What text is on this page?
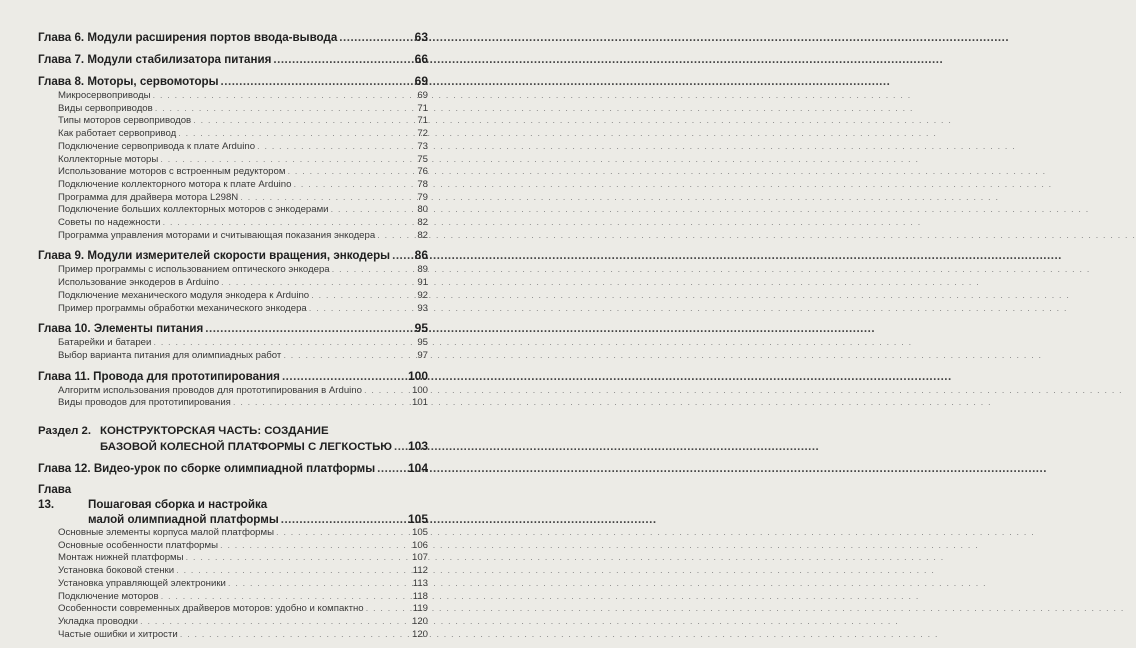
Глава 6. Модули расширения портов ввода-вывода .....	63
Глава 7. Модули стабилизатора питания .....	66
Глава 8. Моторы, сервомоторы .....	69
Микросервоприводы . . .	69
Виды сервоприводов . . .	71
Типы моторов сервоприводов . . .	71
Как работает сервопривод . . .	72
Подключение сервопривода к плате Arduino . . .	73
Коллекторные моторы . . .	75
Использование моторов с встроенным редуктором . . .	76
Подключение коллекторного мотора к плате Arduino . . .	78
Программа для драйвера мотора L298N . . .	79
Подключение больших коллекторных моторов с энкодерами . . .	80
Советы по надежности . . .	82
Программа управления моторами и считывающая показания энкодера . . .	82
Глава 9. Модули измерителей скорости вращения, энкодеры .....	86
Пример программы с использованием оптического энкодера . . .	89
Использование энкодеров в Arduino . . .	91
Подключение механического модуля энкодера к Arduino . . .	92
Пример программы обработки механического энкодера . . .	93
Глава 10. Элементы питания .....	95
Батарейки и батареи . . .	95
Выбор варианта питания для олимпиадных работ . . .	97
Глава 11. Провода для прототипирования .....	100
Алгоритм использования проводов для прототипирования в Arduino . . .	100
Виды проводов для прототипирования . . .	101
Раздел 2. КОНСТРУКТОРСКАЯ ЧАСТЬ: СОЗДАНИЕ
БАЗОВОЙ КОЛЕСНОЙ ПЛАТФОРМЫ С ЛЕГКОСТЬЮ ..... 103
Глава 12. Видео-урок по сборке олимпиадной платформы .....	104
Глава 13.	Пошаговая сборка и настройка
малой олимпиадной платформы .....	105
Основные элементы корпуса малой платформы . . .	105
Основные особенности платформы . . .	106
Монтаж нижней платформы . . .	107
Установка боковой стенки . . .	112
Установка управляющей электроники . . .	113
Подключение моторов . . .	118
Особенности современных драйверов моторов: удобно и компактно . . .	119
Укладка проводки . . .	120
Частые ошибки и хитрости . . .	120
